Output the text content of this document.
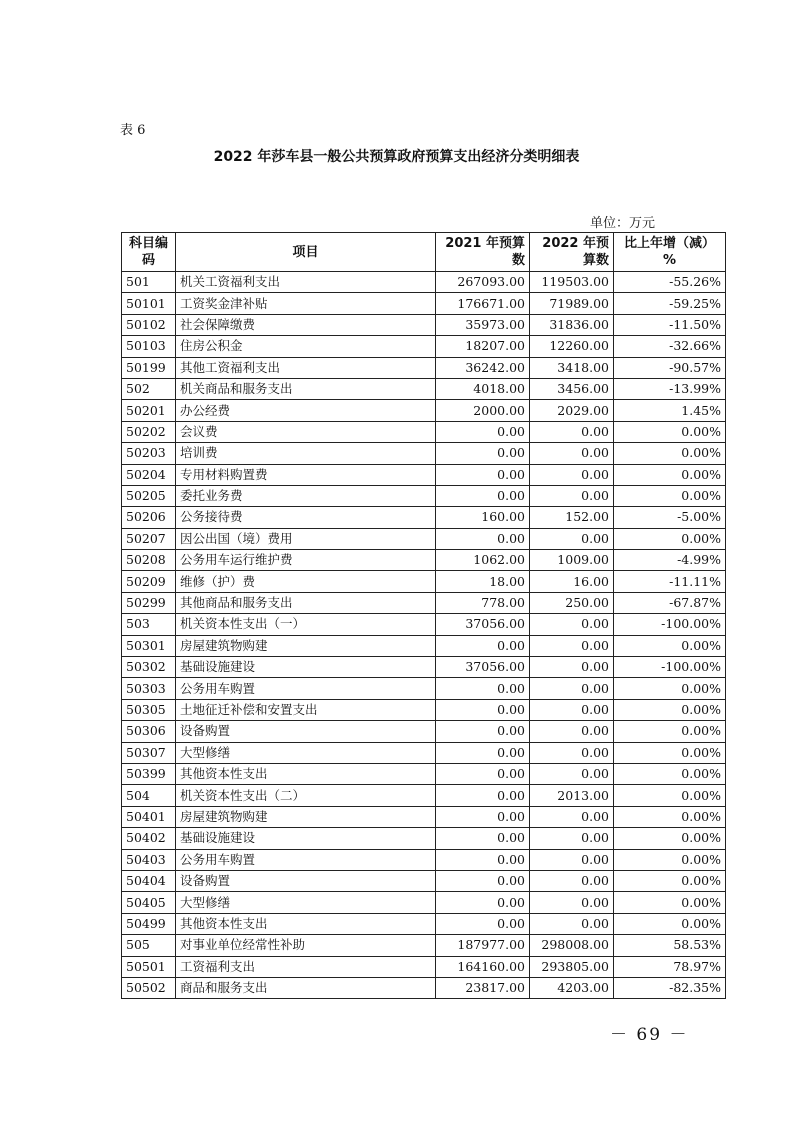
表 6
2022 年莎车县一般公共预算政府预算支出经济分类明细表
单位：万元
科目编码	项目	2021 年预算数	2022 年预算数	比上年增（减）%
501	机关工资福利支出	267093.00	119503.00	-55.26%
50101	工资奖金津补贴	176671.00	71989.00	-59.25%
50102	社会保障缴费	35973.00	31836.00	-11.50%
50103	住房公积金	18207.00	12260.00	-32.66%
50199	其他工资福利支出	36242.00	3418.00	-90.57%
502	机关商品和服务支出	4018.00	3456.00	-13.99%
50201	办公经费	2000.00	2029.00	1.45%
50202	会议费	0.00	0.00	0.00%
50203	培训费	0.00	0.00	0.00%
50204	专用材料购置费	0.00	0.00	0.00%
50205	委托业务费	0.00	0.00	0.00%
50206	公务接待费	160.00	152.00	-5.00%
50207	因公出国（境）费用	0.00	0.00	0.00%
50208	公务用车运行维护费	1062.00	1009.00	-4.99%
50209	维修（护）费	18.00	16.00	-11.11%
50299	其他商品和服务支出	778.00	250.00	-67.87%
503	机关资本性支出（一）	37056.00	0.00	-100.00%
50301	房屋建筑物购建	0.00	0.00	0.00%
50302	基础设施建设	37056.00	0.00	-100.00%
50303	公务用车购置	0.00	0.00	0.00%
50305	土地征迁补偿和安置支出	0.00	0.00	0.00%
50306	设备购置	0.00	0.00	0.00%
50307	大型修缮	0.00	0.00	0.00%
50399	其他资本性支出	0.00	0.00	0.00%
504	机关资本性支出（二）	0.00	2013.00	0.00%
50401	房屋建筑物购建	0.00	0.00	0.00%
50402	基础设施建设	0.00	0.00	0.00%
50403	公务用车购置	0.00	0.00	0.00%
50404	设备购置	0.00	0.00	0.00%
50405	大型修缮	0.00	0.00	0.00%
50499	其他资本性支出	0.00	0.00	0.00%
505	对事业单位经常性补助	187977.00	298008.00	58.53%
50501	工资福利支出	164160.00	293805.00	78.97%
50502	商品和服务支出	23817.00	4203.00	-82.35%
－ 69 －
